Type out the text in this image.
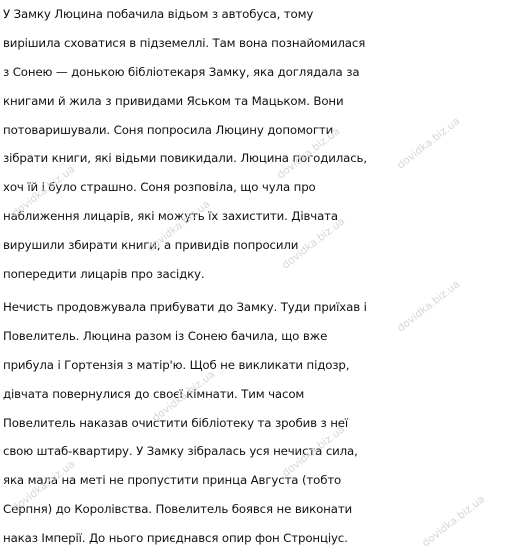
У Замку Люцина побачила відьом з автобуса, тому
вирішила сховатися в підземеллі. Там вона познайомилася
з Сонею — донькою бібліотекаря Замку, яка доглядала за
книгами й жила з привидами Яськом та Мацьком. Вони
потоваришували. Соня попросила Люцину допомогти
зібрати книги, які відьми повикидали. Люцина погодилась,
хоч їй і було страшно. Соня розповіла, що чула про
наближення лицарів, які можуть їх захистити. Дівчата
вирушили збирати книги, а привидів попросили
попередити лицарів про засідку.
Нечисть продовжувала прибувати до Замку. Туди приїхав і
Повелитель. Люцина разом із Сонею бачила, що вже
прибула і Гортензія з матір'ю. Щоб не викликати підозр,
дівчата повернулися до своєї кімнати. Тим часом
Повелитель наказав очистити бібліотеку та зробив з неї
свою штаб-квартиру. У Замку зібралась уся нечиста сила,
яка мала на меті не пропустити принца Августа (тобто
Серпня) до Королівства. Повелитель боявся не виконати
наказ Імперії. До нього приєднався опир фон Стронціус.
dovidka.biz.ua
dovidka.biz.ua
dovidka.biz.ua
dovidka.biz.ua	dovidka.biz.ua
dovidka.biz.ua
dovidka.biz.ua
dovidka.biz.ua
dovidka.biz.ua
dovidka.biz.ua
